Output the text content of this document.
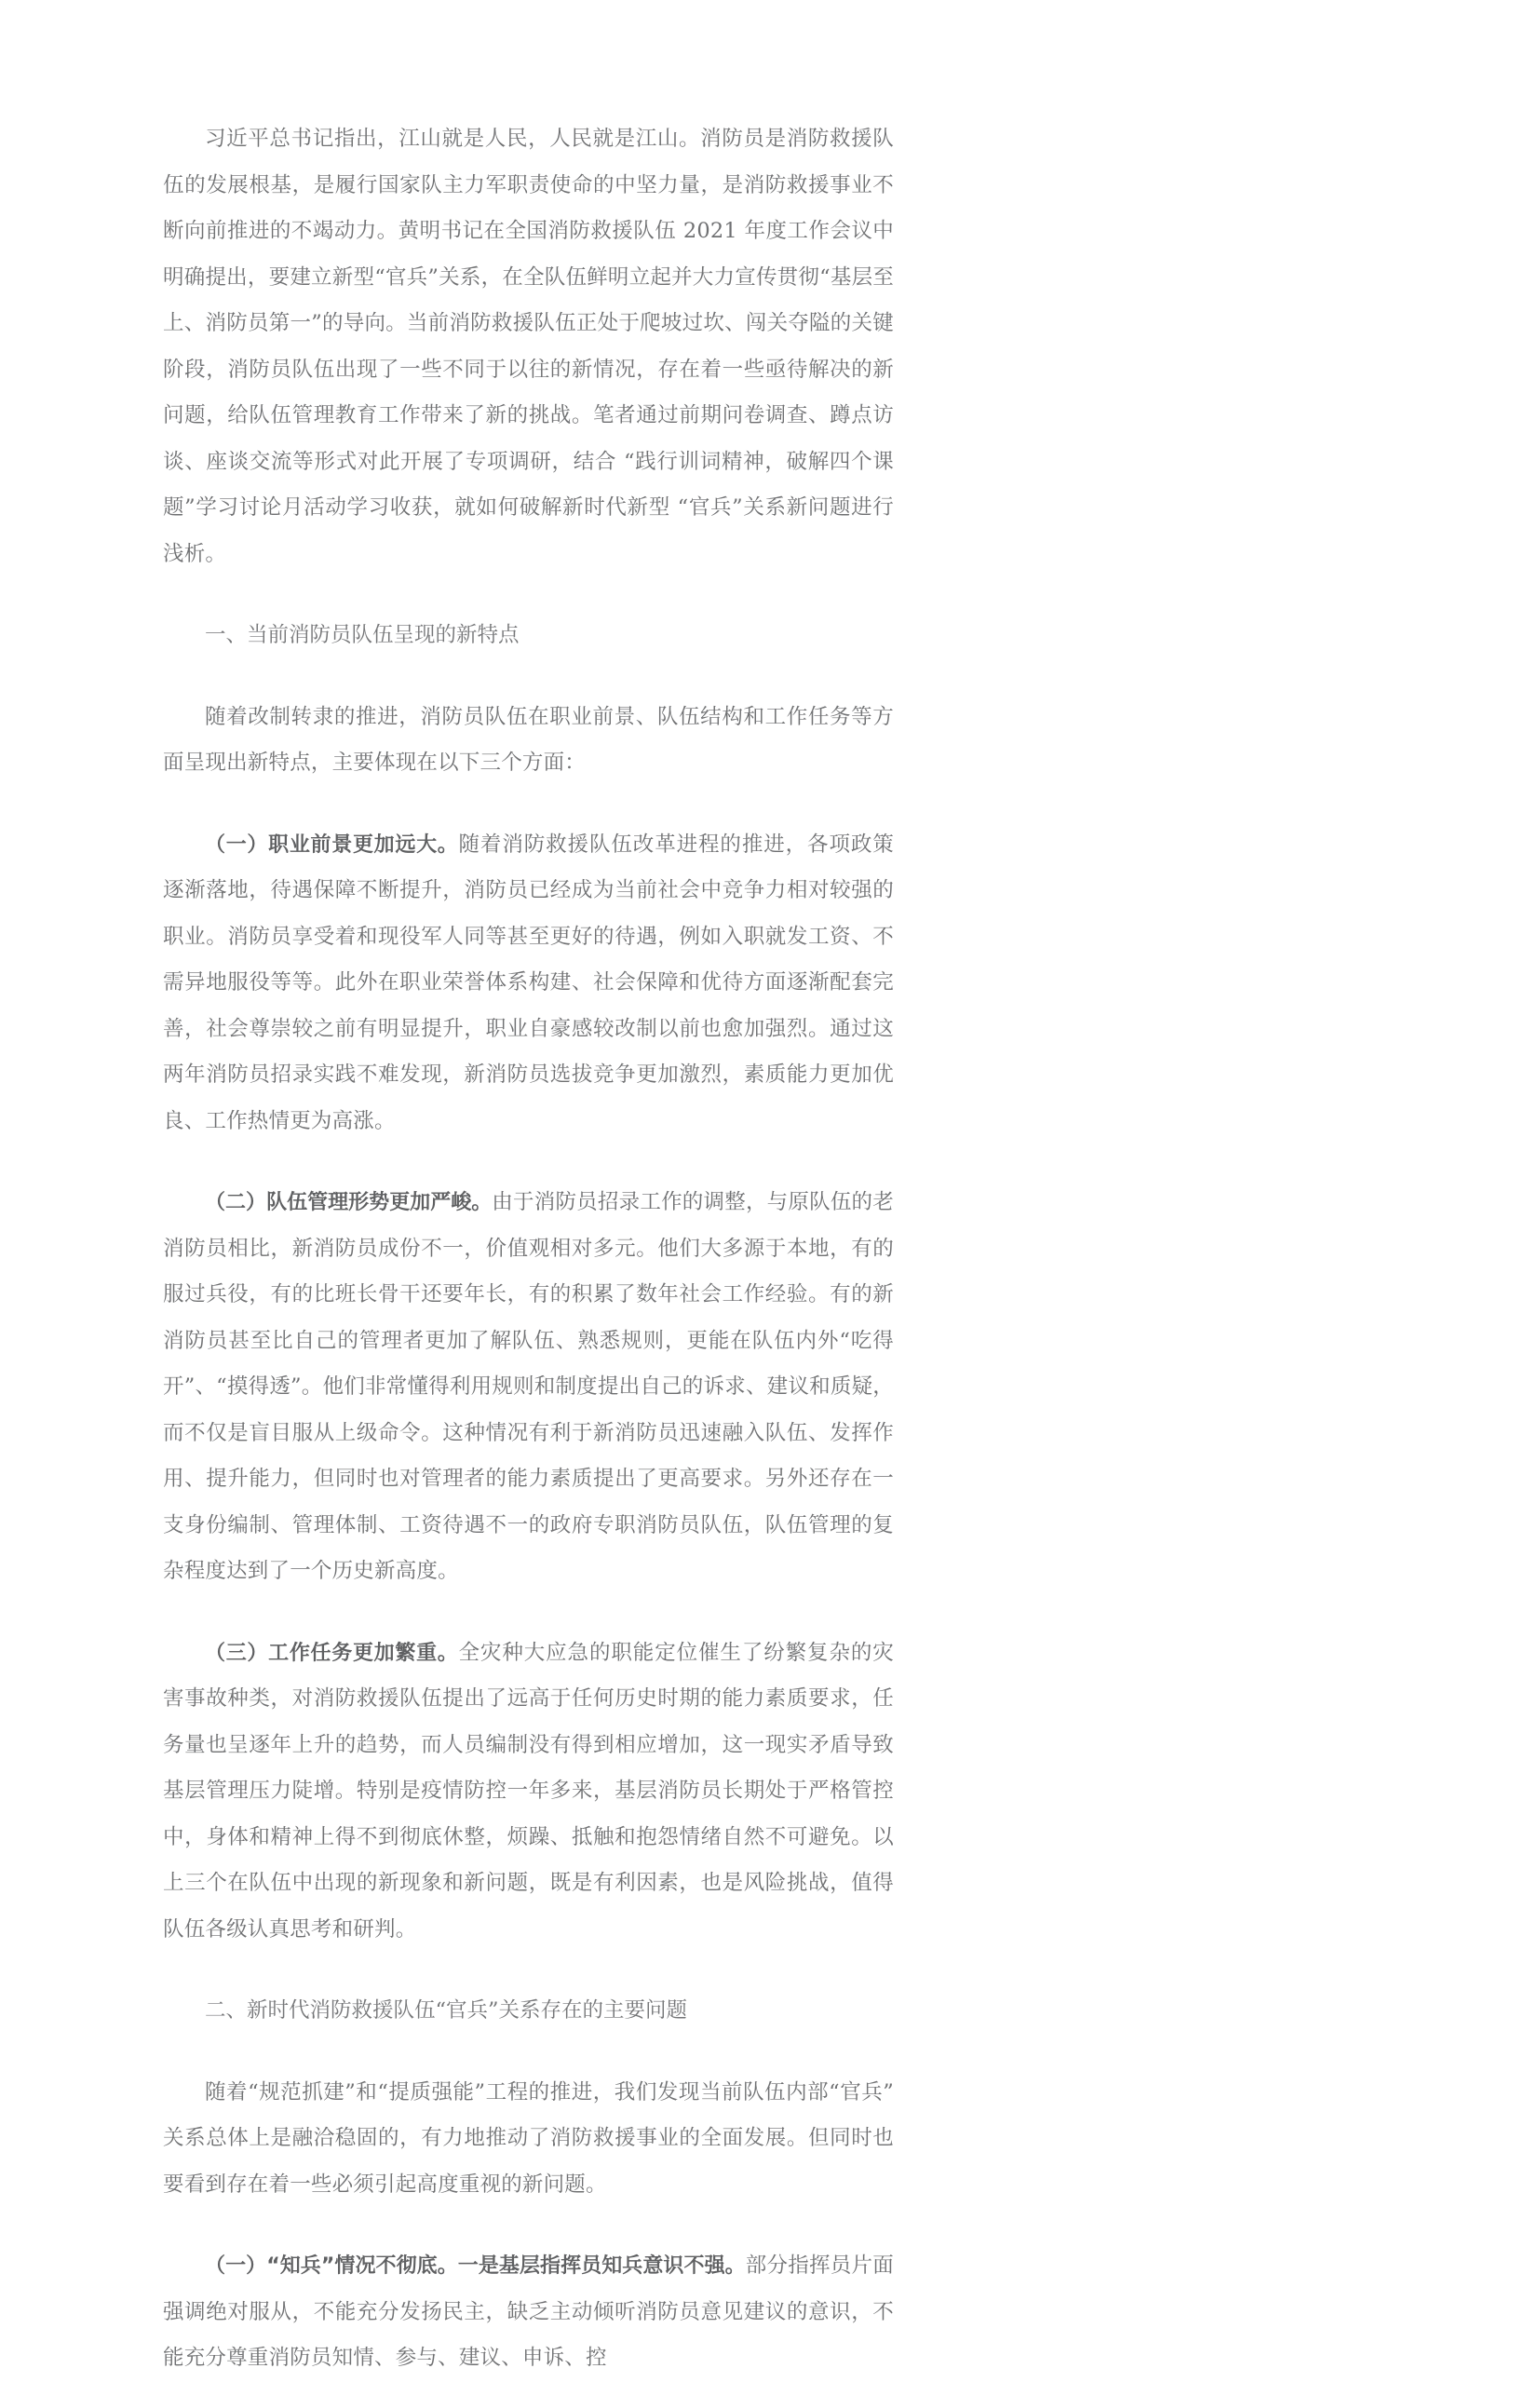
习近平总书记指出，江山就是人民，人民就是江山。消防员是消防救援队伍的发展根基，是履行国家队主力军职责使命的中坚力量，是消防救援事业不断向前推进的不竭动力。黄明书记在全国消防救援队伍 2021 年度工作会议中明确提出，要建立新型“官兵”关系，在全队伍鲜明立起并大力宣传贯彻“基层至上、消防员第一”的导向。当前消防救援队伍正处于爬坡过坎、闯关夺隘的关键阶段，消防员队伍出现了一些不同于以往的新情况，存在着一些亟待解决的新问题，给队伍管理教育工作带来了新的挑战。笔者通过前期问卷调查、蹲点访谈、座谈交流等形式对此开展了专项调研，结合 “践行训词精神，破解四个课题”学习讨论月活动学习收获，就如何破解新时代新型 “官兵”关系新问题进行浅析。

一、当前消防员队伍呈现的新特点

随着改制转隶的推进，消防员队伍在职业前景、队伍结构和工作任务等方面呈现出新特点，主要体现在以下三个方面：

（一）职业前景更加远大。随着消防救援队伍改革进程的推进，各项政策逐渐落地，待遇保障不断提升，消防员已经成为当前社会中竞争力相对较强的职业。消防员享受着和现役军人同等甚至更好的待遇，例如入职就发工资、不需异地服役等等。此外在职业荣誉体系构建、社会保障和优待方面逐渐配套完善，社会尊崇较之前有明显提升，职业自豪感较改制以前也愈加强烈。通过这两年消防员招录实践不难发现，新消防员选拔竞争更加激烈，素质能力更加优良、工作热情更为高涨。

（二）队伍管理形势更加严峻。由于消防员招录工作的调整，与原队伍的老消防员相比，新消防员成份不一，价值观相对多元。他们大多源于本地，有的服过兵役，有的比班长骨干还要年长，有的积累了数年社会工作经验。有的新消防员甚至比自己的管理者更加了解队伍、熟悉规则，更能在队伍内外“吃得开”、“摸得透”。他们非常懂得利用规则和制度提出自己的诉求、建议和质疑，而不仅是盲目服从上级命令。这种情况有利于新消防员迅速融入队伍、发挥作用、提升能力，但同时也对管理者的能力素质提出了更高要求。另外还存在一支身份编制、管理体制、工资待遇不一的政府专职消防员队伍，队伍管理的复杂程度达到了一个历史新高度。

（三）工作任务更加繁重。全灾种大应急的职能定位催生了纷繁复杂的灾害事故种类，对消防救援队伍提出了远高于任何历史时期的能力素质要求，任务量也呈逐年上升的趋势，而人员编制没有得到相应增加，这一现实矛盾导致基层管理压力陡增。特别是疫情防控一年多来，基层消防员长期处于严格管控中，身体和精神上得不到彻底休整，烦躁、抵触和抱怨情绪自然不可避免。以上三个在队伍中出现的新现象和新问题，既是有利因素，也是风险挑战，值得队伍各级认真思考和研判。

二、新时代消防救援队伍“官兵”关系存在的主要问题

随着“规范抓建”和“提质强能”工程的推进，我们发现当前队伍内部“官兵”关系总体上是融洽稳固的，有力地推动了消防救援事业的全面发展。但同时也要看到存在着一些必须引起高度重视的新问题。

（一）“知兵”情况不彻底。一是基层指挥员知兵意识不强。部分指挥员片面强调绝对服从，不能充分发扬民主，缺乏主动倾听消防员意见建议的意识，不能充分尊重消防员知情、参与、建议、申诉、控
